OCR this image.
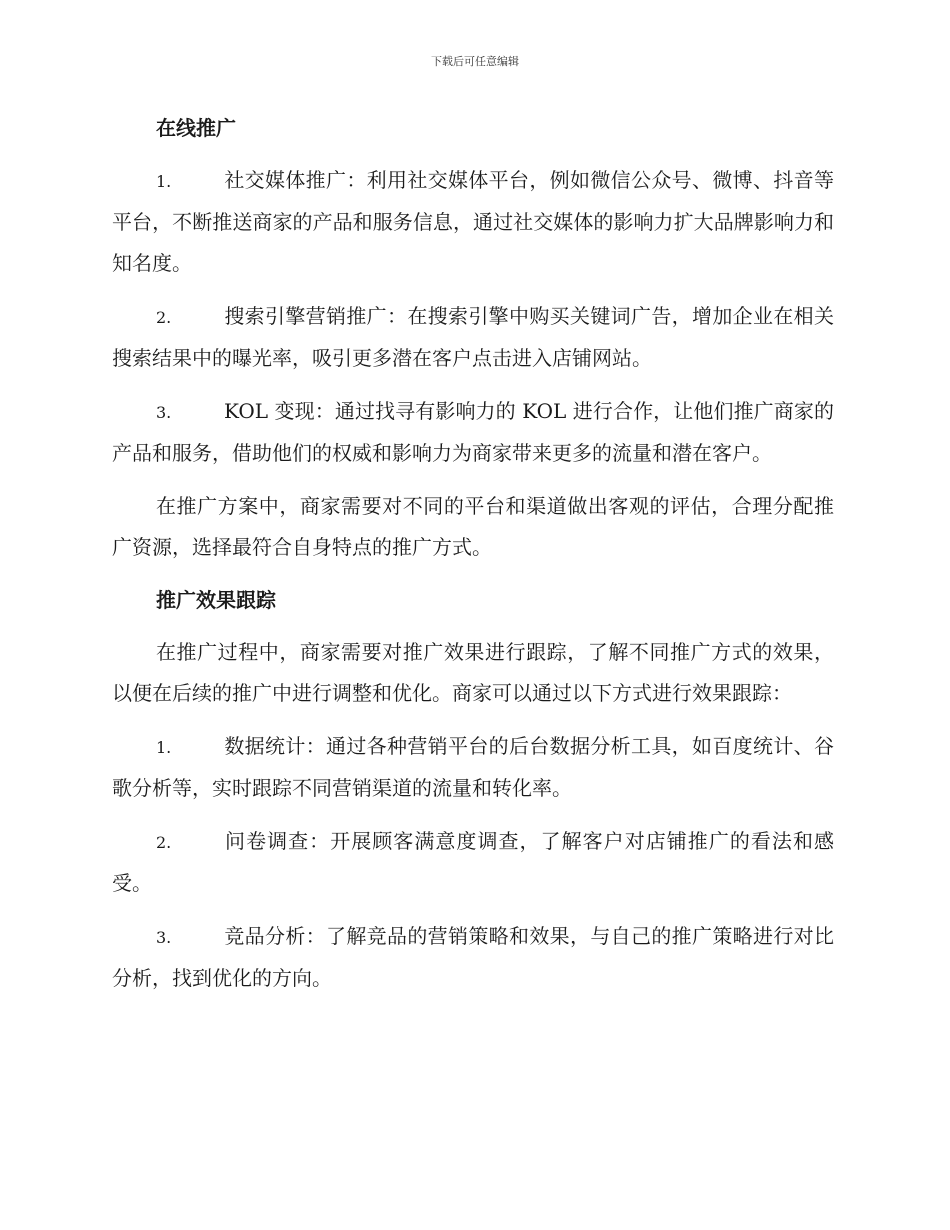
下载后可任意编辑
在线推广
1.	社交媒体推广：利用社交媒体平台，例如微信公众号、微博、抖音等平台，不断推送商家的产品和服务信息，通过社交媒体的影响力扩大品牌影响力和知名度。
2.	搜索引擎营销推广：在搜索引擎中购买关键词广告，增加企业在相关搜索结果中的曝光率，吸引更多潜在客户点击进入店铺网站。
3.	KOL 变现：通过找寻有影响力的 KOL 进行合作，让他们推广商家的产品和服务，借助他们的权威和影响力为商家带来更多的流量和潜在客户。

在推广方案中，商家需要对不同的平台和渠道做出客观的评估，合理分配推广资源，选择最符合自身特点的推广方式。

推广效果跟踪

在推广过程中，商家需要对推广效果进行跟踪，了解不同推广方式的效果，以便在后续的推广中进行调整和优化。商家可以通过以下方式进行效果跟踪：

1.	数据统计：通过各种营销平台的后台数据分析工具，如百度统计、谷歌分析等，实时跟踪不同营销渠道的流量和转化率。
2.	问卷调查：开展顾客满意度调查，了解客户对店铺推广的看法和感受。
3.	竞品分析：了解竞品的营销策略和效果，与自己的推广策略进行对比分析，找到优化的方向。
